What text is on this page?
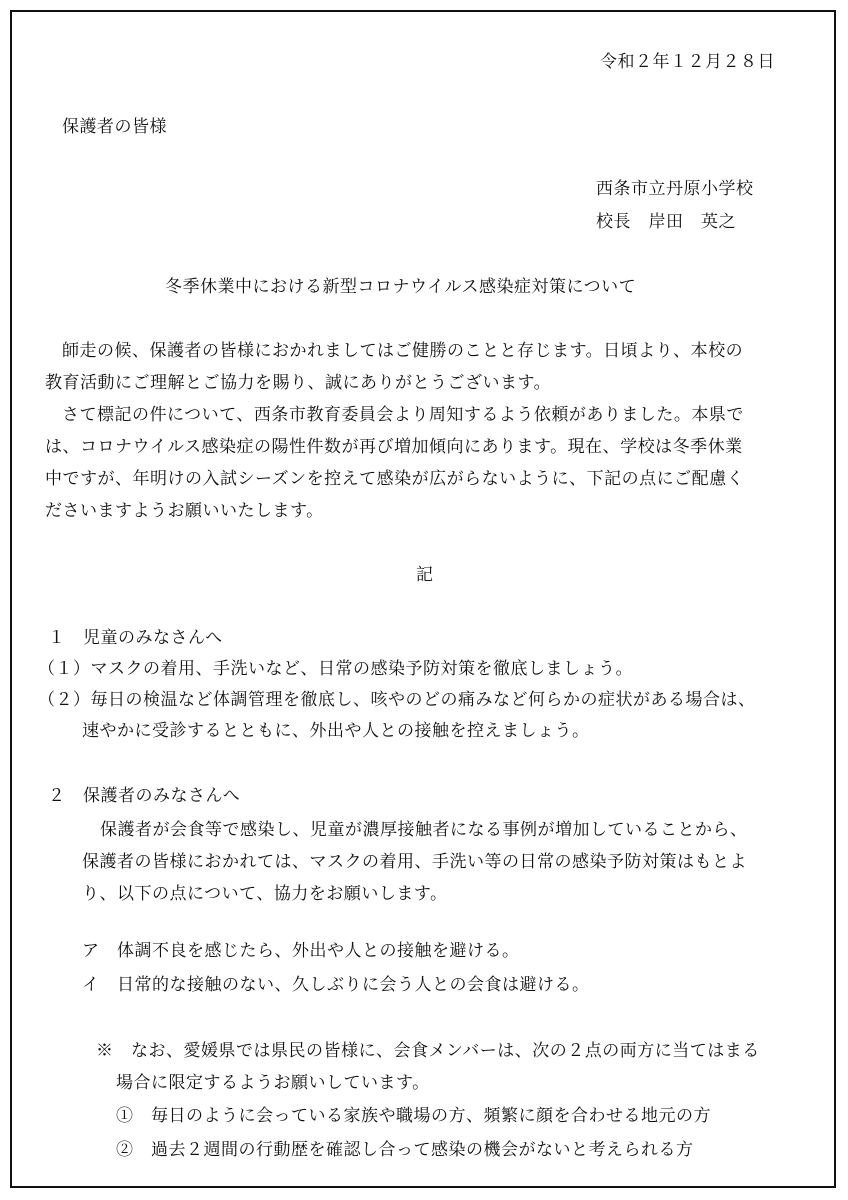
令和２年１２月２８日
保護者の皆様
西条市立丹原小学校
校長　岸田　英之
冬季休業中における新型コロナウイルス感染症対策について
師走の候、保護者の皆様におかれましてはご健勝のことと存じます。日頃より、本校の
教育活動にご理解とご協力を賜り、誠にありがとうございます。
さて標記の件について、西条市教育委員会より周知するよう依頼がありました。本県で
は、コロナウイルス感染症の陽性件数が再び増加傾向にあります。現在、学校は冬季休業
中ですが、年明けの入試シーズンを控えて感染が広がらないように、下記の点にご配慮く
ださいますようお願いいたします。
記
１　児童のみなさんへ
（１）マスクの着用、手洗いなど、日常の感染予防対策を徹底しましょう。
（２）毎日の検温など体調管理を徹底し、咳やのどの痛みなど何らかの症状がある場合は、
速やかに受診するとともに、外出や人との接触を控えましょう。
２　保護者のみなさんへ
保護者が会食等で感染し、児童が濃厚接触者になる事例が増加していることから、
保護者の皆様におかれては、マスクの着用、手洗い等の日常の感染予防対策はもとよ
り、以下の点について、協力をお願いします。
ア　体調不良を感じたら、外出や人との接触を避ける。
イ　日常的な接触のない、久しぶりに会う人との会食は避ける。
※　なお、愛媛県では県民の皆様に、会食メンバーは、次の２点の両方に当てはまる
場合に限定するようお願いしています。
①　毎日のように会っている家族や職場の方、頻繁に顔を合わせる地元の方
②　過去２週間の行動歴を確認し合って感染の機会がないと考えられる方
